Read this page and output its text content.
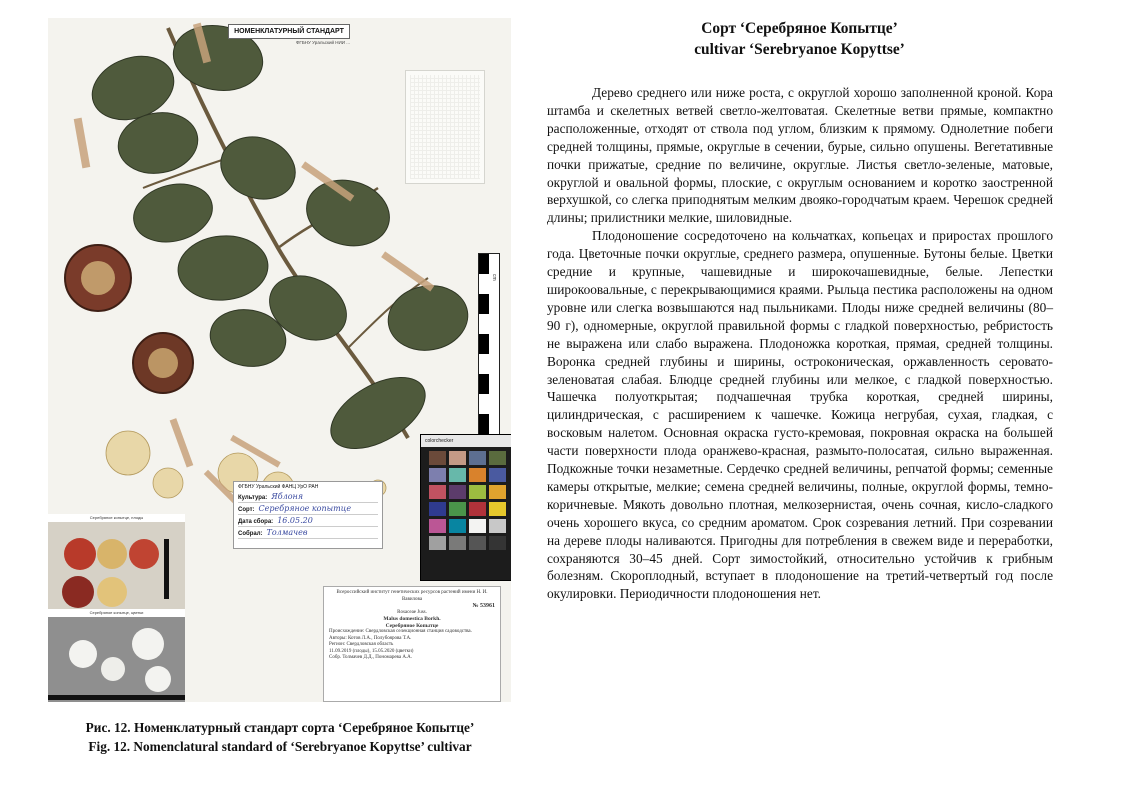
НОМЕНКЛАТУРНЫЙ СТАНДАРТ
ФГБНУ Уральский НИИ ...
cm
colorchecker
ФГБНУ Уральский ФАНЦ УрО РАН
Культура: Яблоня
Сорт: Серебряное копытце
Дата сбора: 16.05.20
Собрал: Толмачев
Серебряное копытце, плоды
Серебряное копытце, цветки
Всероссийский институт генетических ресурсов растений имени Н. И. Вавилова
№ 53961
Rosaceae Juss.
Malus domestica Borkh.
Серебряное Копытце
Происхождение: Свердловская селекционная станция садоводства.
Авторы: Котов Л.А., Полубоярова Т.А.
Регион: Свердловская область
11.09.2019 (плоды), 15.05.2020 (цветки)
Собр. Толмачев Д.Д., Пономарева А.А.
Рис. 12. Номенклатурный стандарт сорта ‘Серебряное Копытце’
Fig. 12. Nomenclatural standard of ‘Serebryanoe Kopyttse’ cultivar
Сорт ‘Серебряное Копытце’
cultivar ‘Serebryanoe Kopyttse’

Дерево среднего или ниже роста, с округлой хорошо заполненной кроной. Кора штамба и скелетных ветвей светло-желтоватая. Скелетные ветви прямые, компактно расположенные, отходят от ствола под углом, близким к прямому. Однолетние побеги средней толщины, прямые, округлые в сечении, бурые, сильно опушены. Вегетативные почки прижатые, средние по величине, округлые. Листья светло-зеленые, матовые, округлой и овальной формы, плоские, с округлым основанием и коротко заостренной верхушкой, со слегка приподнятым мелким двояко-городчатым краем. Черешок средней длины; прилистники мелкие, шиловидные.

Плодоношение сосредоточено на кольчатках, копьецах и приростах прошлого года. Цветочные почки округлые, среднего размера, опушенные. Бутоны белые. Цветки средние и крупные, чашевидные и широкочашевидные, белые. Лепестки широкоовальные, с перекрывающимися краями. Рыльца пестика расположены на одном уровне или слегка возвышаются над пыльниками. Плоды ниже средней величины (80–90 г), одномерные, округлой правильной формы с гладкой поверхностью, ребристость не выражена или слабо выражена. Плодоножка короткая, прямая, средней толщины. Воронка средней глубины и ширины, остроконическая, оржавленность серовато-зеленоватая слабая. Блюдце средней глубины или мелкое, с гладкой поверхностью. Чашечка полуоткрытая; подчашечная трубка короткая, средней ширины, цилиндрическая, с расширением к чашечке. Кожица негрубая, сухая, гладкая, с восковым налетом. Основная окраска густо-кремовая, покровная окраска на большей части поверхности плода оранжево-красная, размыто-полосатая, сильно выраженная. Подкожные точки незаметные. Сердечко средней величины, репчатой формы; семенные камеры открытые, мелкие; семена средней величины, полные, округлой формы, темно-коричневые. Мякоть довольно плотная, мелкозернистая, очень сочная, кисло-сладкого очень хорошего вкуса, со средним ароматом. Срок созревания летний. При созревании на дереве плоды наливаются. Пригодны для потребления в свежем виде и переработки, сохраняются 30–45 дней. Сорт зимостойкий, относительно устойчив к грибным болезням. Скороплодный, вступает в плодоношение на третий-четвертый год после окулировки. Периодичности плодоношения нет.
